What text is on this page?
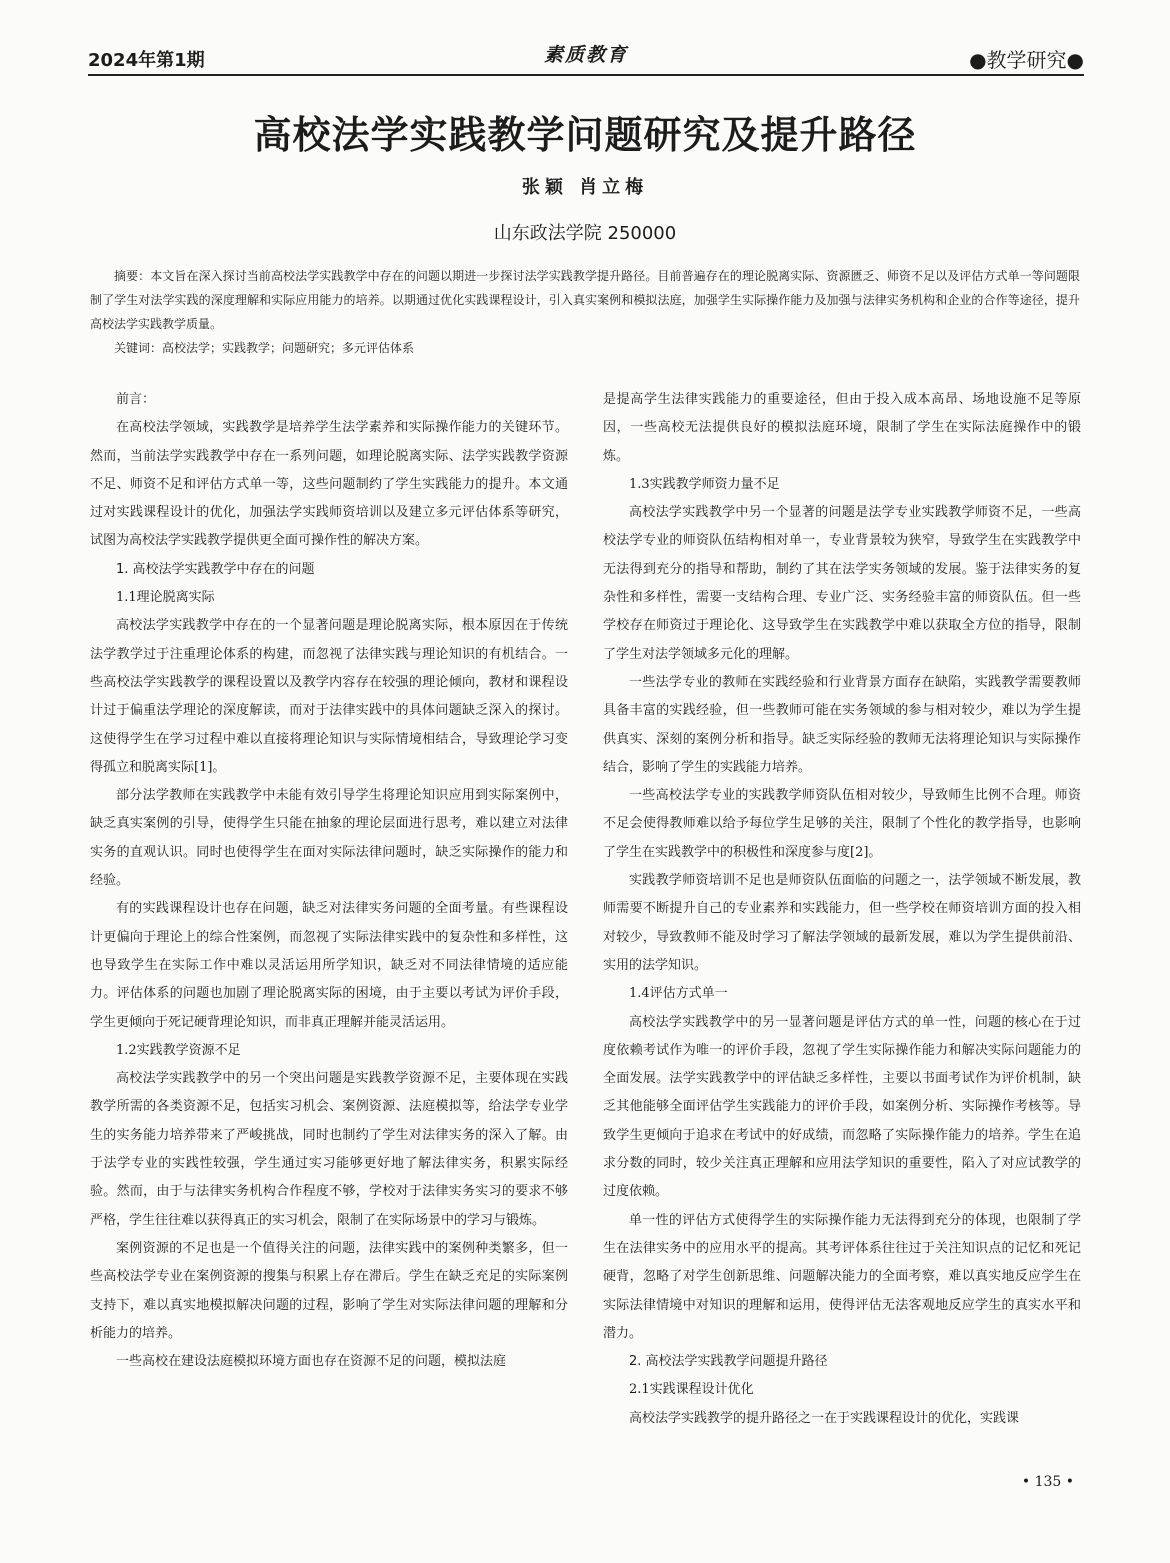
2024年第1期	素质教育	●教学研究●
高校法学实践教学问题研究及提升路径
张颖 肖立梅
山东政法学院 250000

摘要：本文旨在深入探讨当前高校法学实践教学中存在的问题以期进一步探讨法学实践教学提升路径。目前普遍存在的理论脱离实际、资源匮乏、师资不足以及评估方式单一等问题限制了学生对法学实践的深度理解和实际应用能力的培养。以期通过优化实践课程设计，引入真实案例和模拟法庭，加强学生实际操作能力及加强与法律实务机构和企业的合作等途径，提升高校法学实践教学质量。

关键词：高校法学；实践教学；问题研究；多元评估体系

前言：

在高校法学领域，实践教学是培养学生法学素养和实际操作能力的关键环节。然而，当前法学实践教学中存在一系列问题，如理论脱离实际、法学实践教学资源不足、师资不足和评估方式单一等，这些问题制约了学生实践能力的提升。本文通过对实践课程设计的优化，加强法学实践师资培训以及建立多元评估体系等研究，试图为高校法学实践教学提供更全面可操作性的解决方案。

1. 高校法学实践教学中存在的问题

1.1理论脱离实际

高校法学实践教学中存在的一个显著问题是理论脱离实际，根本原因在于传统法学教学过于注重理论体系的构建，而忽视了法律实践与理论知识的有机结合。一些高校法学实践教学的课程设置以及教学内容存在较强的理论倾向，教材和课程设计过于偏重法学理论的深度解读，而对于法律实践中的具体问题缺乏深入的探讨。这使得学生在学习过程中难以直接将理论知识与实际情境相结合，导致理论学习变得孤立和脱离实际[1]。

部分法学教师在实践教学中未能有效引导学生将理论知识应用到实际案例中，缺乏真实案例的引导，使得学生只能在抽象的理论层面进行思考，难以建立对法律实务的直观认识。同时也使得学生在面对实际法律问题时，缺乏实际操作的能力和经验。

有的实践课程设计也存在问题，缺乏对法律实务问题的全面考量。有些课程设计更偏向于理论上的综合性案例，而忽视了实际法律实践中的复杂性和多样性，这也导致学生在实际工作中难以灵活运用所学知识，缺乏对不同法律情境的适应能力。评估体系的问题也加剧了理论脱离实际的困境，由于主要以考试为评价手段，学生更倾向于死记硬背理论知识，而非真正理解并能灵活运用。

1.2实践教学资源不足

高校法学实践教学中的另一个突出问题是实践教学资源不足，主要体现在实践教学所需的各类资源不足，包括实习机会、案例资源、法庭模拟等，给法学专业学生的实务能力培养带来了严峻挑战，同时也制约了学生对法律实务的深入了解。由于法学专业的实践性较强，学生通过实习能够更好地了解法律实务，积累实际经验。然而，由于与法律实务机构合作程度不够，学校对于法律实务实习的要求不够严格，学生往往难以获得真正的实习机会，限制了在实际场景中的学习与锻炼。

案例资源的不足也是一个值得关注的问题，法律实践中的案例种类繁多，但一些高校法学专业在案例资源的搜集与积累上存在滞后。学生在缺乏充足的实际案例支持下，难以真实地模拟解决问题的过程，影响了学生对实际法律问题的理解和分析能力的培养。

一些高校在建设法庭模拟环境方面也存在资源不足的问题，模拟法庭

是提高学生法律实践能力的重要途径，但由于投入成本高昂、场地设施不足等原因，一些高校无法提供良好的模拟法庭环境，限制了学生在实际法庭操作中的锻炼。

1.3实践教学师资力量不足

高校法学实践教学中另一个显著的问题是法学专业实践教学师资不足，一些高校法学专业的师资队伍结构相对单一，专业背景较为狭窄，导致学生在实践教学中无法得到充分的指导和帮助，制约了其在法学实务领域的发展。鉴于法律实务的复杂性和多样性，需要一支结构合理、专业广泛、实务经验丰富的师资队伍。但一些学校存在师资过于理论化、这导致学生在实践教学中难以获取全方位的指导，限制了学生对法学领域多元化的理解。

一些法学专业的教师在实践经验和行业背景方面存在缺陷，实践教学需要教师具备丰富的实践经验，但一些教师可能在实务领域的参与相对较少，难以为学生提供真实、深刻的案例分析和指导。缺乏实际经验的教师无法将理论知识与实际操作结合，影响了学生的实践能力培养。

一些高校法学专业的实践教学师资队伍相对较少，导致师生比例不合理。师资不足会使得教师难以给予每位学生足够的关注，限制了个性化的教学指导，也影响了学生在实践教学中的积极性和深度参与度[2]。

实践教学师资培训不足也是师资队伍面临的问题之一，法学领域不断发展，教师需要不断提升自己的专业素养和实践能力，但一些学校在师资培训方面的投入相对较少，导致教师不能及时学习了解法学领域的最新发展，难以为学生提供前沿、实用的法学知识。

1.4评估方式单一

高校法学实践教学中的另一显著问题是评估方式的单一性，问题的核心在于过度依赖考试作为唯一的评价手段，忽视了学生实际操作能力和解决实际问题能力的全面发展。法学实践教学中的评估缺乏多样性，主要以书面考试作为评价机制，缺乏其他能够全面评估学生实践能力的评价手段，如案例分析、实际操作考核等。导致学生更倾向于追求在考试中的好成绩，而忽略了实际操作能力的培养。学生在追求分数的同时，较少关注真正理解和应用法学知识的重要性，陷入了对应试教学的过度依赖。

单一性的评估方式使得学生的实际操作能力无法得到充分的体现，也限制了学生在法律实务中的应用水平的提高。其考评体系往往过于关注知识点的记忆和死记硬背，忽略了对学生创新思维、问题解决能力的全面考察，难以真实地反应学生在实际法律情境中对知识的理解和运用，使得评估无法客观地反应学生的真实水平和潜力。

2. 高校法学实践教学问题提升路径

2.1实践课程设计优化

高校法学实践教学的提升路径之一在于实践课程设计的优化，实践课

• 135 •
